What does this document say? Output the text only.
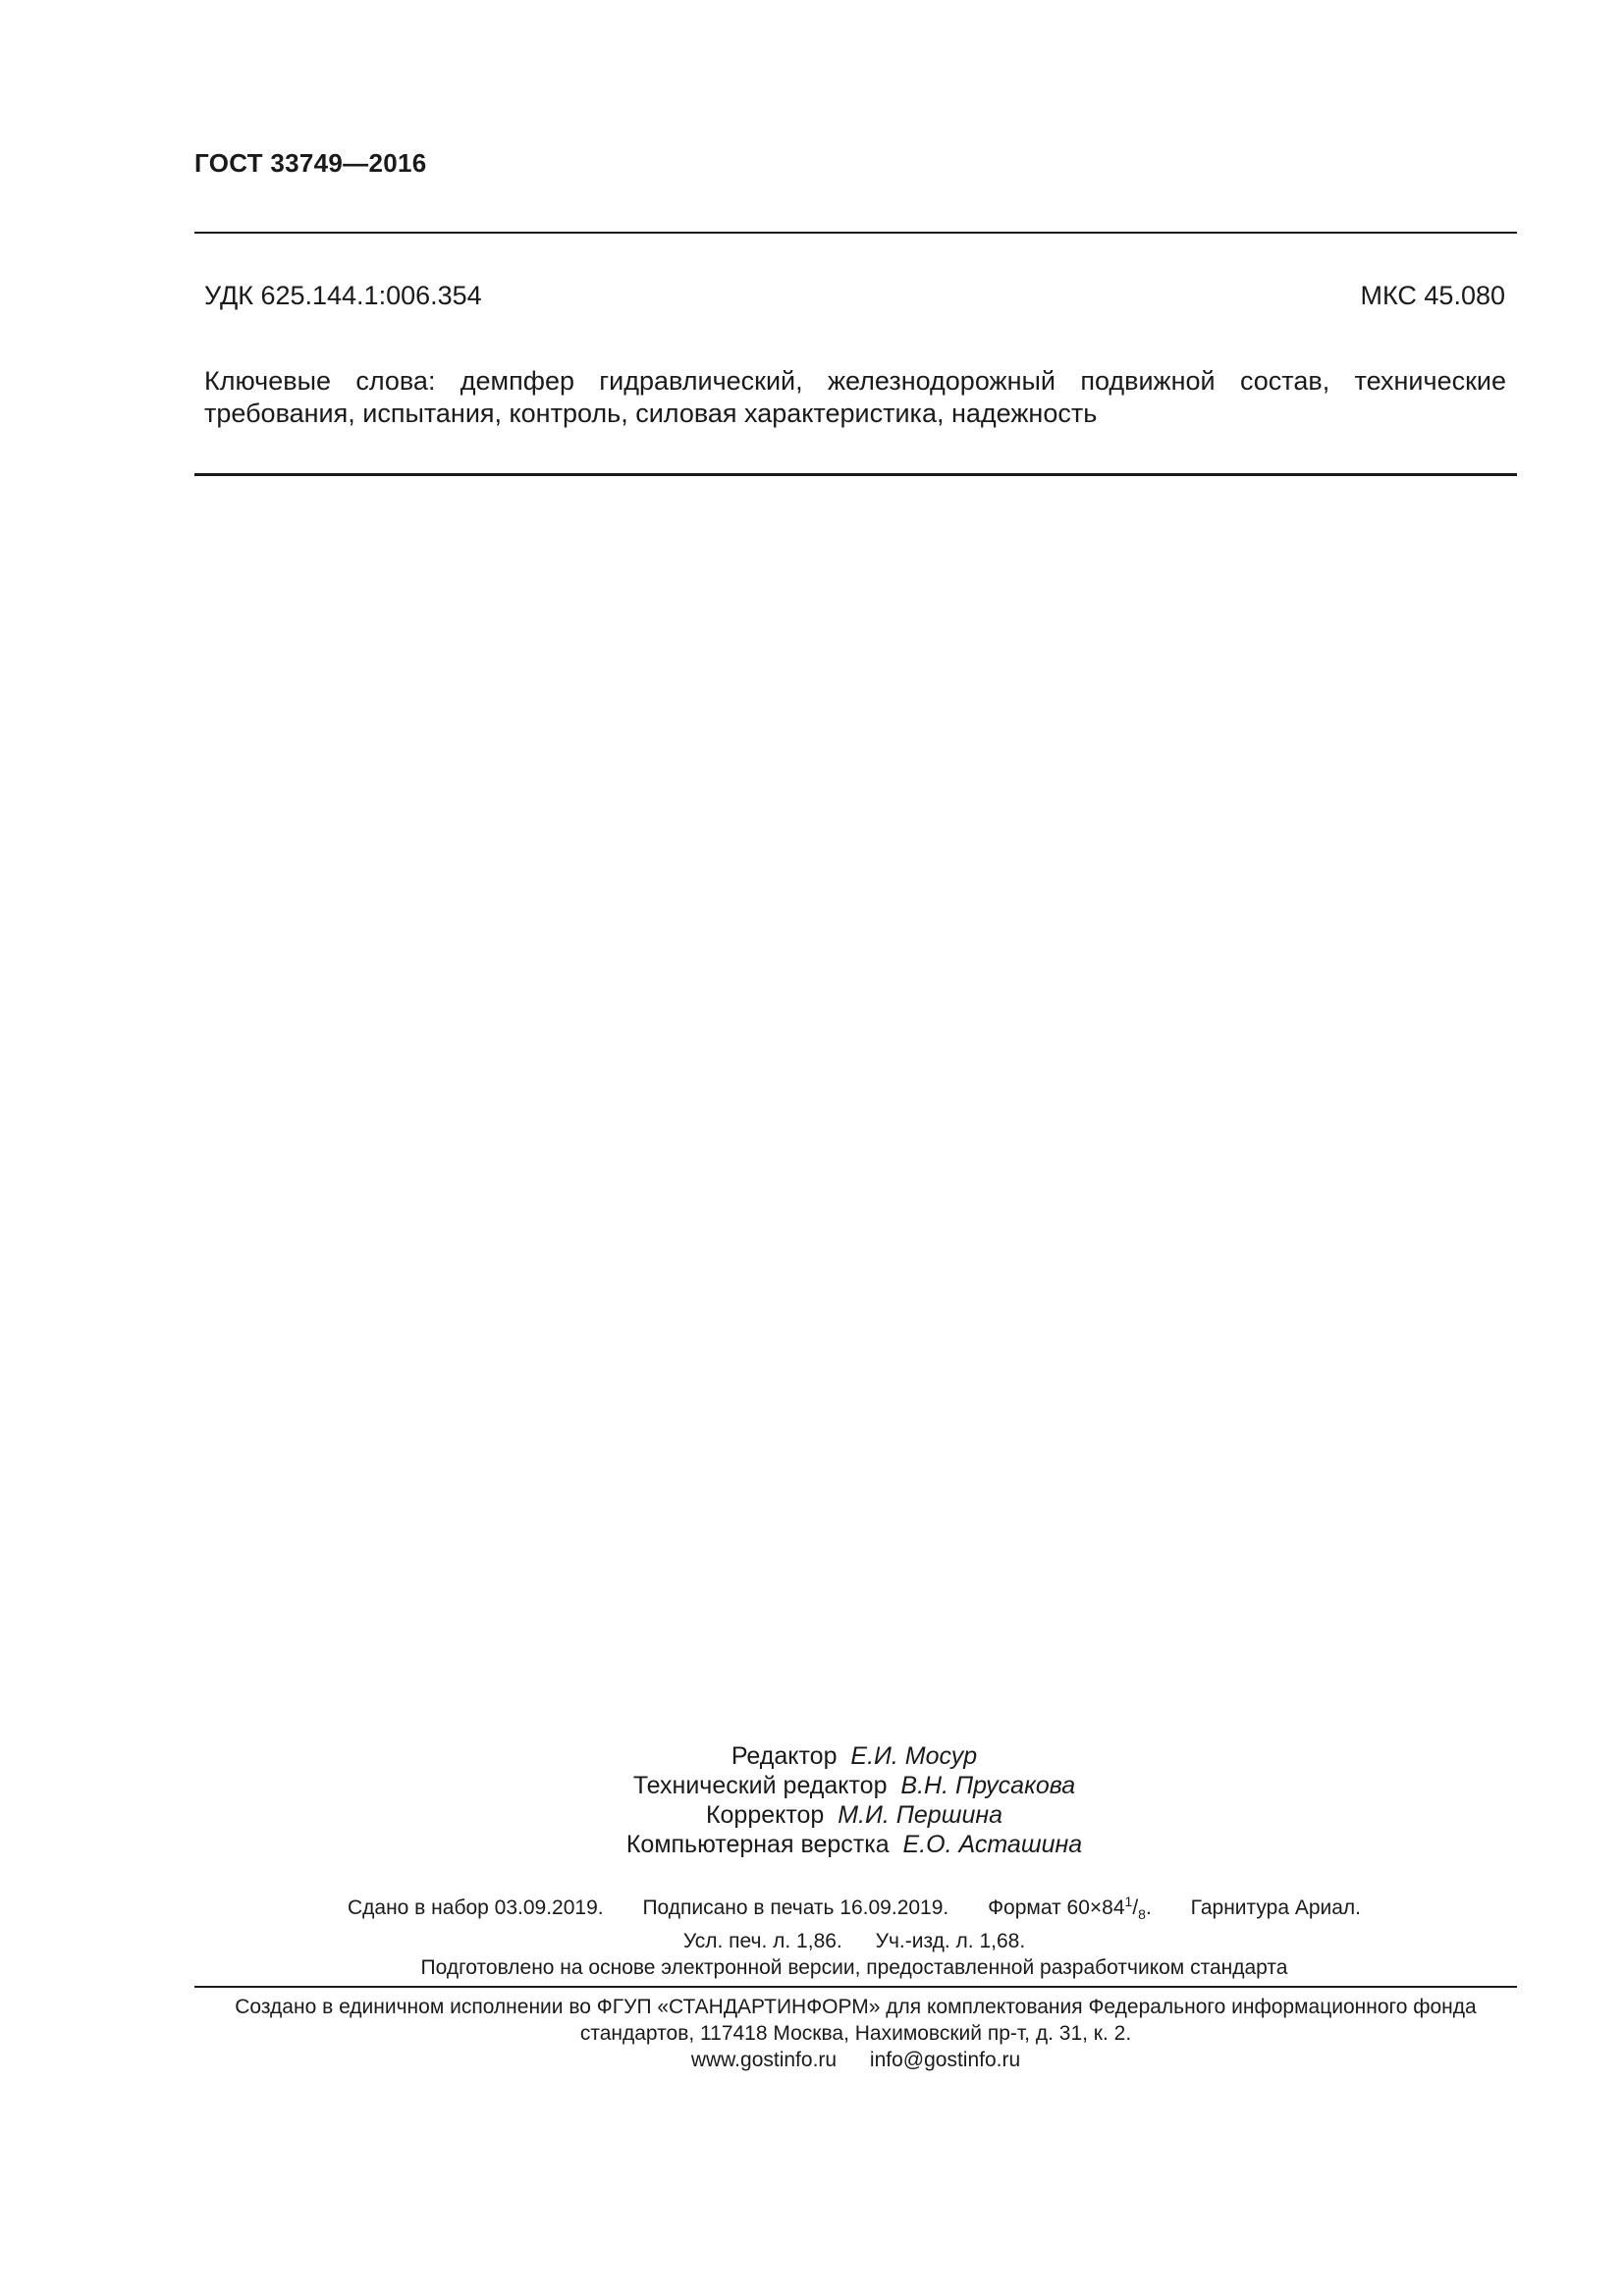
ГОСТ 33749—2016
УДК 625.144.1:006.354	МКС 45.080
Ключевые слова: демпфер гидравлический, железнодорожный подвижной состав, технические требования, испытания, контроль, силовая характеристика, надежность
Редактор Е.И. Мосур
Технический редактор В.Н. Прусакова
Корректор М.И. Першина
Компьютерная верстка Е.О. Асташина
Сдано в набор 03.09.2019. Подписано в печать 16.09.2019. Формат $60\times 84^1/_8$. Гарнитура Ариал.
Усл. печ. л. 1,86. Уч.-изд. л. 1,68.
Подготовлено на основе электронной версии, предоставленной разработчиком стандарта
Создано в единичном исполнении во ФГУП «СТАНДАРТИНФОРМ» для комплектования Федерального информационного фонда
стандартов, 117418 Москва, Нахимовский пр-т, д. 31, к. 2.
www.gostinfo.ru info@gostinfo.ru
